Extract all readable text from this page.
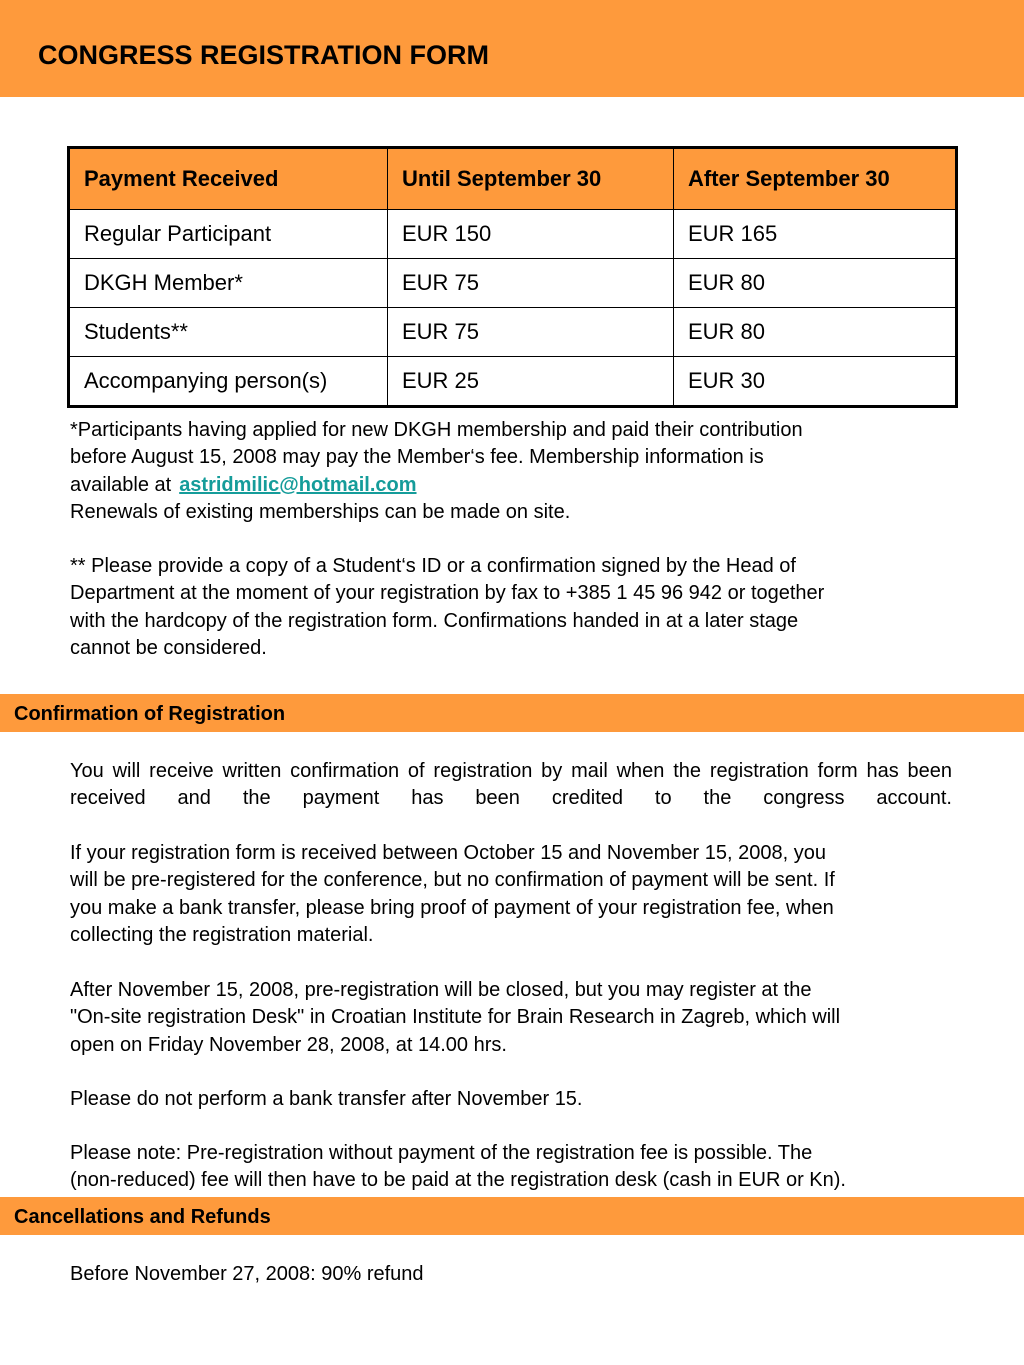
CONGRESS REGISTRATION FORM
Payment Received	Until September 30	After September 30
Regular Participant	EUR 150	EUR 165
DKGH Member*	EUR 75	EUR 80
Students**	EUR 75	EUR 80
Accompanying person(s)	EUR 25	EUR 30

*Participants having applied for new DKGH membership and paid their contribution
before August 15, 2008 may pay the Member‘s fee. Membership information is
available at astridmilic@hotmail.com
Renewals of existing memberships can be made on site.

** Please provide a copy of a Student‘s ID or a confirmation signed by the Head of
Department at the moment of your registration by fax to +385 1 45 96 942 or together
with the hardcopy of the registration form. Confirmations handed in at a later stage
cannot be considered.

Confirmation of Registration

You will receive written confirmation of registration by mail when the registration form has been received and the payment has been credited to the congress account.

If your registration form is received between October 15 and November 15, 2008, you
will be pre-registered for the conference, but no confirmation of payment will be sent. If
you make a bank transfer, please bring proof of payment of your registration fee, when
collecting the registration material.

After November 15, 2008, pre-registration will be closed, but you may register at the
"On-site registration Desk" in Croatian Institute for Brain Research in Zagreb, which will
open on Friday November 28, 2008, at 14.00 hrs.

Please do not perform a bank transfer after November 15.

Please note: Pre-registration without payment of the registration fee is possible. The
(non-reduced) fee will then have to be paid at the registration desk (cash in EUR or Kn).

Cancellations and Refunds

Before November 27, 2008: 90% refund
